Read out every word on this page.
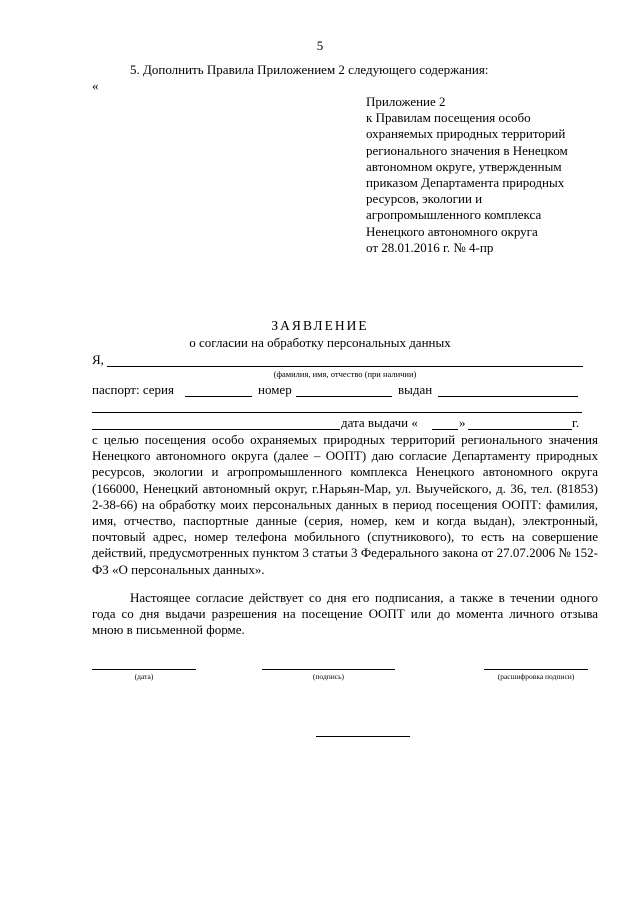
5
5. Дополнить Правила Приложением 2 следующего содержания:
«
Приложение 2
к Правилам посещения особо
охраняемых природных территорий
регионального значения в Ненецком
автономном округе, утвержденным
приказом Департамента природных
ресурсов, экологии и
агропромышленного комплекса
Ненецкого автономного округа
от 28.01.2016 г. № 4-пр
ЗАЯВЛЕНИЕ
о согласии на обработку персональных данных
Я,
(фамилия, имя, отчество (при наличии)
паспорт: серия	номер	выдан
дата выдачи «	»	г.
с целью посещения особо охраняемых природных территорий регионального значения Ненецкого автономного округа (далее – ООПТ) даю согласие Департаменту природных ресурсов, экологии и агропромышленного комплекса Ненецкого автономного округа (166000, Ненецкий автономный округ, г.Нарьян-Мар, ул. Выучейского, д. 36, тел. (81853) 2-38-66) на обработку моих персональных данных в период посещения ООПТ: фамилия, имя, отчество, паспортные данные (серия, номер, кем и когда выдан), электронный, почтовый адрес, номер телефона мобильного (спутникового), то есть на совершение действий, предусмотренных пунктом 3 статьи 3 Федерального закона от 27.07.2006 № 152-ФЗ «О персональных данных».
Настоящее согласие действует со дня его подписания, а также в течении одного года со дня выдачи разрешения на посещение ООПТ или до момента личного отзыва мною в письменной форме.
(дата)	(подпись)	(расшифровка подписи)
